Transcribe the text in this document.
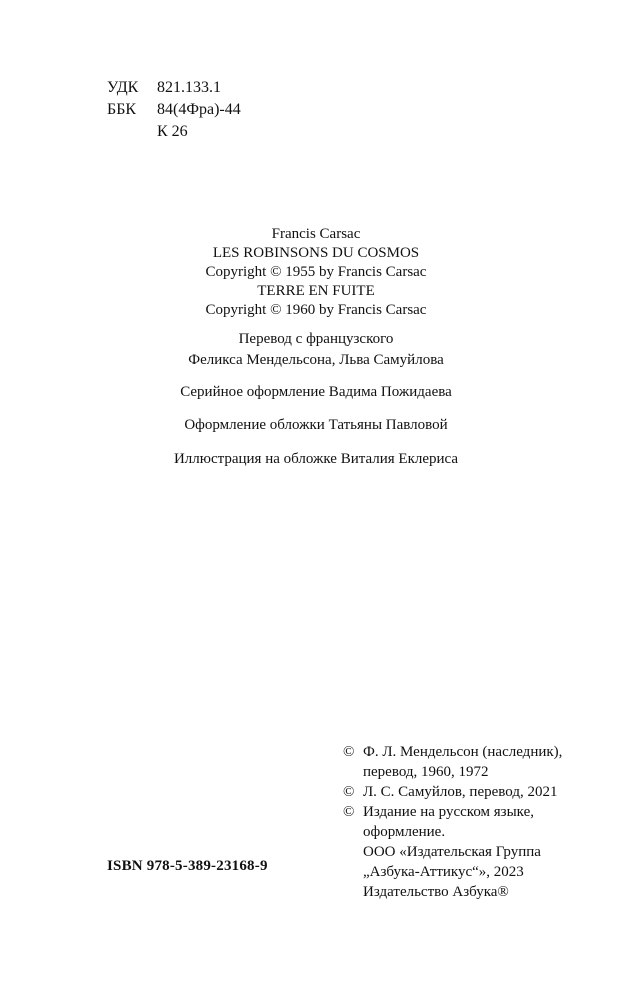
УДК	821.133.1
ББК	84(4Фра)-44
К 26
Francis Carsac
LES ROBINSONS DU COSMOS
Copyright © 1955 by Francis Carsac
TERRE EN FUITE
Copyright © 1960 by Francis Carsac
Перевод с французского
Феликса Мендельсона, Льва Самуйлова
Серийное оформление Вадима Пожидаева
Оформление обложки Татьяны Павловой
Иллюстрация на обложке Виталия Еклериса
© Ф. Л. Мендельсон (наследник),
перевод, 1960, 1972
© Л. С. Самуйлов, перевод, 2021
© Издание на русском языке,
оформление.
ООО «Издательская Группа
„Азбука-Аттикус“», 2023
Издательство Азбука®
ISBN 978-5-389-23168-9
